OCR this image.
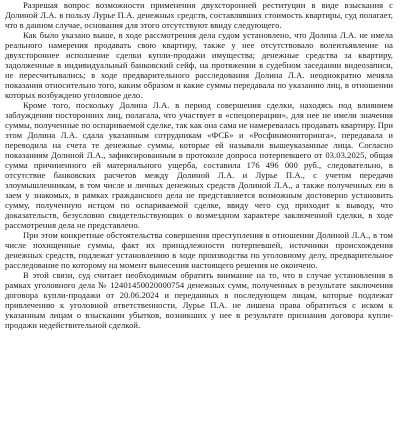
Разрешая вопрос возможности применения двухсторонней реституции в виде взыскания с Долиной Л.А. в пользу Лурье П.А. денежных средств, составлявших стоимость квартиры, суд полагает, что в данном случае, основания для этого отсутствуют ввиду следующего.

Как было указано выше, в ходе рассмотрения дела судом установлено, что Долина Л.А. не имела реального намерения продавать свою квартиру, также у нее отсутствовало волеизъявление на двухстороннее исполнение сделки купли-продажи имущества; денежные средства за квартиру, задолженные в индивидуальный банковский сейф, на протяжении в судебном заседании видеозаписи, не пересчитывались; в ходе предварительного расследования Долина Л.А. неоднократно меняла показания относительно того, каким образом и какие суммы передавала по указанию лиц, в отношении которых возбуждено уголовное дело.

Кроме того, поскольку Долина Л.А. в период совершения сделки, находясь под влиянием заблуждения посторонних лиц, полагала, что участвует в «спецоперации», для нее не имели значения суммы, полученные по оспариваемой сделке, так как она сама не намеревалась продавать квартиру. При этом Долина Л.А. сдала указанным сотрудникам «ФСБ» и «Росфинмониторинга», передавала и переводила на счета те денежные суммы, которые ей называли вышеуказанные лица. Согласно показаниям Долиной Л.А., зафиксированным в протоколе допроса потерпевшего от 03.03.2025, общая сумма причиненного ей материального ущерба, составила 176 496 000 руб., следовательно, в отсутствие банковских расчетов между Долиной Л.А. и Лурье П.А., с учетом передачи злоумышленникам, в том числе и личных денежных средств Долиной Л.А., а также полученных ею в заем у знакомых, в рамках гражданского дела не представляется возможным достоверно установить сумму, полученную истцом по оспариваемой сделке, ввиду чего суд приходит к выводу, что доказательств, безусловно свидетельствующих о возмездном характере заключенной сделки, в ходе рассмотрения дела не представлено.

При этом конкретные обстоятельства совершения преступления в отношении Долиной Л.А., в том числе похищенные суммы, факт их принадлежности потерпевшей, источники происхождения денежных средств, подлежат установлению в ходе производства по уголовному делу, предварительное расследование по которому на момент вынесения настоящего решения не окончено.

В этой связи, суд считает необходимым обратить внимание на то, что в случае установления в рамках уголовного дела № 12401450020000754 денежных сумм, полученных в результате заключения договора купли-продажи от 20.06.2024 и переданных в последующем лицам, которые подлежат привлечению к уголовной ответственности, Лурье П.А. не лишена права обратиться с иском к указанным лицам о взыскании убытков, возникших у нее в результате признания договора купли-продажи недействительной сделкой.
